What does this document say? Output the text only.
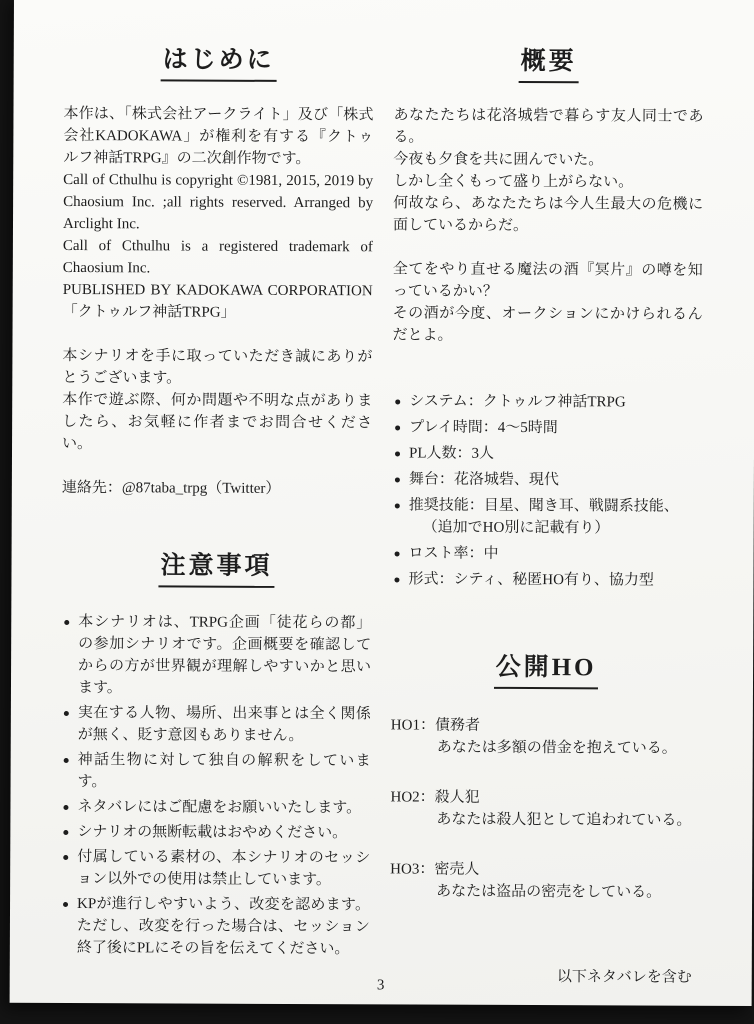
はじめに

本作は、「株式会社アークライト」及び「株式会社KADOKAWA」が権利を有する『クトゥルフ神話TRPG』の二次創作物です。

Call of Cthulhu is copyright ©1981, 2015, 2019 by Chaosium Inc. ;all rights reserved. Arranged by Arclight Inc.

Call of Cthulhu is a registered trademark of Chaosium Inc.

PUBLISHED BY KADOKAWA CORPORATION「クトゥルフ神話TRPG」

本シナリオを手に取っていただき誠にありがとうございます。

本作で遊ぶ際、何か問題や不明な点がありましたら、お気軽に作者までお問合せください。

連絡先：@87taba_trpg（Twitter）

注意事項
本シナリオは、TRPG企画「徒花らの都」の参加シナリオです。企画概要を確認してからの方が世界観が理解しやすいかと思います。
実在する人物、場所、出来事とは全く関係が無く、貶す意図もありません。
神話生物に対して独自の解釈をしています。
ネタバレにはご配慮をお願いいたします。
シナリオの無断転載はおやめください。
付属している素材の、本シナリオのセッション以外での使用は禁止しています。
KPが進行しやすいよう、改変を認めます。ただし、改変を行った場合は、セッション終了後にPLにその旨を伝えてください。
概要

あなたたちは花洛城砦で暮らす友人同士である。

今夜も夕食を共に囲んでいた。

しかし全くもって盛り上がらない。

何故なら、あなたたちは今人生最大の危機に面しているからだ。

全てをやり直せる魔法の酒『冥片』の噂を知っているかい？

その酒が今度、オークションにかけられるんだとよ。

システム：クトゥルフ神話TRPG
プレイ時間：4〜5時間
PL人数：3人
舞台：花洛城砦、現代
推奨技能：目星、聞き耳、戦闘系技能、
（追加でHO別に記載有り）
ロスト率：中
形式：シティ、秘匿HO有り、協力型
公開HO
HO1：債務者
あなたは多額の借金を抱えている。
HO2：殺人犯
あなたは殺人犯として追われている。
HO3：密売人
あなたは盗品の密売をしている。
以下ネタバレを含む
3
